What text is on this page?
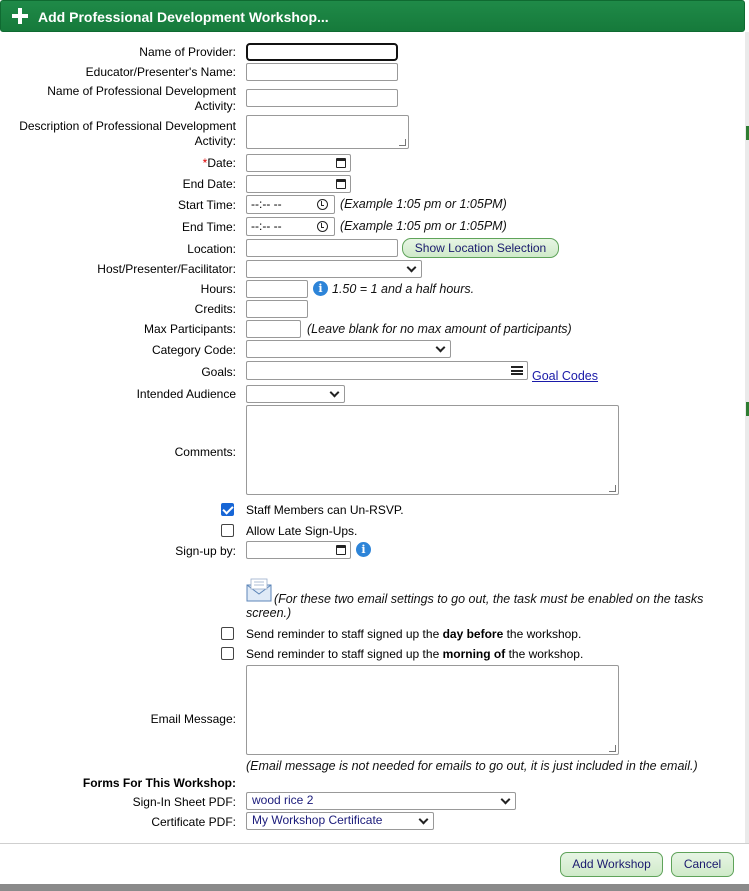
Add Professional Development Workshop...
Name of Provider:
Educator/Presenter's Name:
Name of Professional Development
Activity:
Description of Professional Development
Activity:
*Date:
End Date:
Start Time:	--:-- --	(Example 1:05 pm or 1:05PM)
End Time:	--:-- --	(Example 1:05 pm or 1:05PM)
Location:	Show Location Selection
Host/Presenter/Facilitator:
Hours:	i 1.50 = 1 and a half hours.
Credits:
Max Participants:	(Leave blank for no max amount of participants)
Category Code:
Goals:	Goal Codes
Intended Audience
Comments:
Staff Members can Un-RSVP.
Allow Late Sign-Ups.
Sign-up by:	i
(For these two email settings to go out, the task must be enabled on the tasks screen.)
Send reminder to staff signed up the day before the workshop.
Send reminder to staff signed up the morning of the workshop.
Email Message:
(Email message is not needed for emails to go out, it is just included in the email.)
Forms For This Workshop:
Sign-In Sheet PDF:	wood rice 2
Certificate PDF:	My Workshop Certificate
Add Workshop	Cancel
